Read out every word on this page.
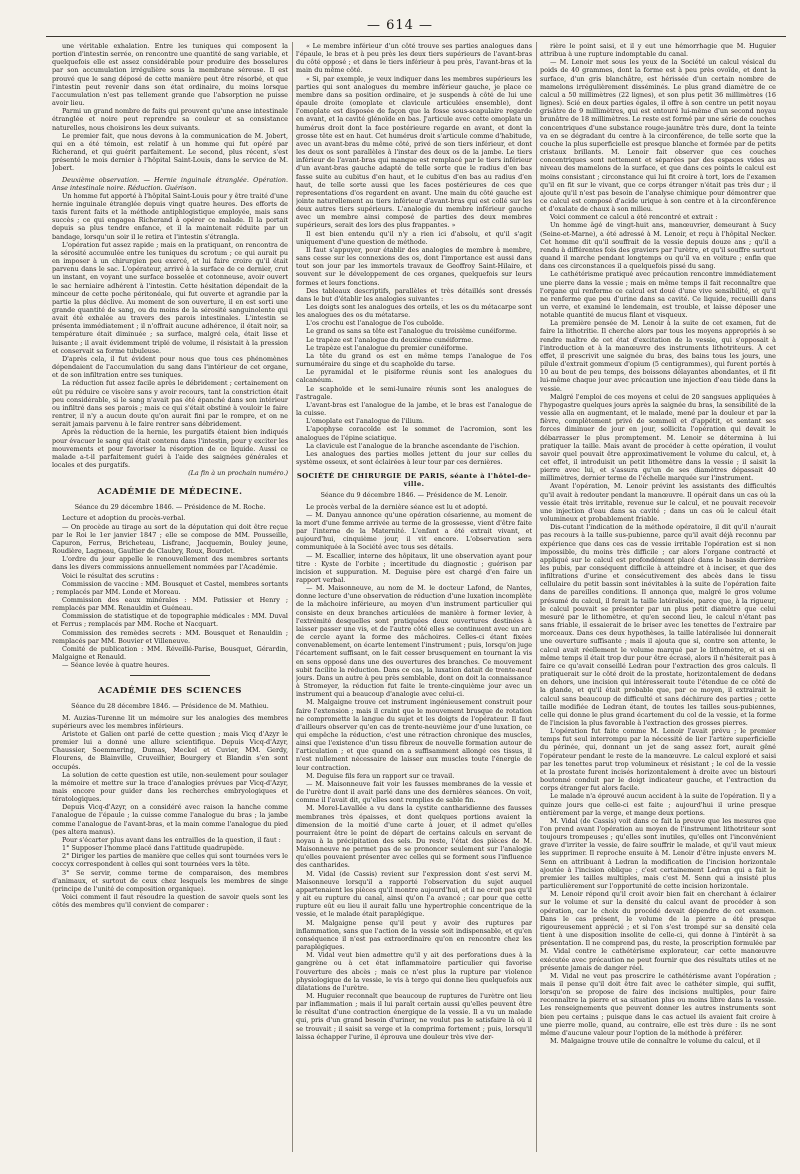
— 614 —

une véritable exhalation. Entre les tuniques qui composent la portion d'intestin serrée, on rencontre une quantité de sang variable, et quelquefois elle est assez considérable pour produire des bosselures par son accumulation irrégulière sous la membrane séreuse. Il est prouvé que le sang déposé de cette manière peut être résorbé, et que l'intestin peut revenir dans son état ordinaire, du moins lorsque l'accumulation n'est pas tellement grande que l'absorption ne puisse avoir lieu.

Parmi un grand nombre de faits qui prouvent qu'une anse intestinale étranglée et noire peut reprendre sa couleur et sa consistance naturelles, nous choisirons les deux suivants.

Le premier fait, que nous devons à la communication de M. Jobert, qui en a été témoin, est relatif à un homme qui fut opéré par Richerand, et qui guérit parfaitement. Le second, plus récent, s'est présenté le mois dernier à l'hôpital Saint-Louis, dans le service de M. Jobert.

Deuxième observation. — Hernie inguinale étranglée. Opération. Anse intestinale noire. Réduction. Guérison.

Un homme fut apporté à l'hôpital Saint-Louis pour y être traité d'une hernie inguinale étranglée depuis vingt quatre heures. Des efforts de taxis furent faits et la méthode antiphlogistique employée, mais sans succès ; ce qui engagea Richerand à opérer ce malade. Il la portait depuis sa plus tendre enfance, et il la maintenait réduite par un bandage, lorsqu'un soir il le retira et l'intestin s'étrangla.

L'opération fut assez rapide ; mais en la pratiquant, on rencontra de la sérosité accumulée entre les tuniques du scrotum ; ce qui aurait pu en imposer à un chirurgien peu exercé, et lui faire croire qu'il était parvenu dans le sac. L'opérateur, arrivé à la surface de ce dernier, crut un instant, en voyant une surface bosselée et cotonneuse, avoir ouvert le sac herniaire adhérent à l'intestin. Cette hésitation dépendait de la minceur de cette poche péritonéale, qui fut ouverte et agrandie par la partie la plus déclive. Au moment de son ouverture, il en est sorti une grande quantité de sang, ou du moins de la sérosité sanguinolente qui avait été exhalée au travers des parois intestinales. L'intestin se présenta immédiatement ; il n'offrait aucune adhérence, il était noir, sa température était diminuée ; sa surface, malgré cela, était lisse et luisante ; il avait évidemment triplé de volume, il résistait à la pression et conservait sa forme tubuleuse.

D'après cela, il fut évident pour nous que tous ces phénomènes dépendaient de l'accumulation du sang dans l'intérieur de cet organe, et de son infiltration entre ses tuniques.

La réduction fut assez facile après le débridement ; certainement on eût pu réduire ce viscère sans y avoir recours, tant la constriction était peu considérable, si le sang n'avait pas été épanché dans son intérieur ou infiltré dans ses parois ; mais ce qui s'était obstiné à vouloir le faire rentrer, il n'y a aucun doute qu'on aurait fini par le rompre, et on ne serait jamais parvenu à le faire rentrer sans débridement.

Après la réduction de la hernie, les purgatifs étaient bien indiqués pour évacuer le sang qui était contenu dans l'intestin, pour y exciter les mouvements et pour favoriser la résorption de ce liquide. Aussi ce malade a-t-il parfaitement guéri à l'aide des saignées générales et locales et des purgatifs.

(La fin à un prochain numéro.)
ACADÉMIE DE MÉDECINE.
Séance du 29 décembre 1846. — Présidence de M. Roche.

Lecture et adoption du procès-verbal.

— On procède au tirage au sort de la députation qui doit être reçue par le Roi le 1er janvier 1847 ; elle se compose de MM. Pousseille, Capuron, Ferrus, Bricheteau, Lisfranc, Jacquemin, Bouley jeune, Roudière, Lagneau, Gaultier de Claubry, Roux, Bourdet.

L'ordre du jour appelle le renouvellement des membres sortants dans les divers commissions annuellement nommées par l'Académie.

Voici le résultat des scrutins :

Commission de vaccine : MM. Bousquet et Castel, membres sortants ; remplacés par MM. Londe et Moreau.

Commission des eaux minérales : MM. Patissier et Henry ; remplacés par MM. Renauldin et Guéneau.

Commission de statistique et de topographie médicales : MM. Duval et Ferrus ; remplacés par MM. Roche et Nacquart.

Commission des remèdes secrets : MM. Bousquet et Renauldin ; remplacés par MM. Bouvier et Villeneuve.

Comité de publication : MM. Réveillé-Parise, Bousquet, Gérardin, Malgaigne et Renauld.

— Séance levée à quatre heures.

ACADÉMIE DES SCIENCES
Séance du 28 décembre 1846. — Présidence de M. Mathieu.

M. Auzias-Turenne lit un mémoire sur les analogies des membres supérieurs avec les membres inférieurs.

Aristote et Galien ont parlé de cette question ; mais Vicq d'Azyr le premier lui a donné une allure scientifique. Depuis Vicq-d'Azyr, Chaussier, Soemmering, Dumas, Meckel et Cuvier, MM. Gerdy, Flourens, de Blainville, Cruveilhier, Bourgery et Blandin s'en sont occupés.

La solution de cette question est utile, non-seulement pour soulager la mémoire et mettre sur la trace d'analogies prévues par Vicq-d'Azyr, mais encore pour guider dans les recherches embryologiques et tératologiques.

Depuis Vicq-d'Azyr, on a considéré avec raison la hanche comme l'analogue de l'épaule ; la cuisse comme l'analogue du bras ; la jambe comme l'analogue de l'avant-bras, et la main comme l'analogue du pied (pes altera manus).

Pour s'écarter plus avant dans les entrailles de la question, il faut :

1° Supposer l'homme placé dans l'attitude quadrupède.

2° Diriger les parties de manière que celles qui sont tournées vers le coccyx correspondent à celles qui sont tournées vers la tête.

3° Se servir, comme terme de comparaison, des membres d'animaux, et surtout de ceux chez lesquels les membres de singe (principe de l'unité de composition organique).

Voici comment il faut résoudre la question de savoir quels sont les côtés des membres qu'il convient de comparer :

« Le membre inférieur d'un côté trouve ses parties analogues dans l'épaule, le bras et à peu près les deux tiers supérieurs de l'avant-bras du côté opposé ; et dans le tiers inférieur à peu près, l'avant-bras et la main du même côté.

« Si, par exemple, je veux indiquer dans les membres supérieurs les parties qui sont analogues du membre inférieur gauche, je place ce membre dans sa position ordinaire, et je suspends à côté de lui une épaule droite (omoplate et clavicule articulées ensemble), dont l'omoplate est disposée de façon que la fosse sous-scapulaire regarde en avant, et la cavité glénoïde en bas. J'articule avec cette omoplate un humérus droit dont la face postérieure regarde en avant, et dont la grosse tête est en haut. Cet humérus droit s'articule comme d'habitude, avec un avant-bras du même côté, privé de son tiers inférieur, et dont les deux os sont parallèles à l'instar des deux os de la jambe. Le tiers inférieur de l'avant-bras qui manque est remplacé par le tiers inférieur d'un avant-bras gauche adapté de telle sorte que le radius d'en bas fasse suite au cubitus d'en haut, et le cubitus d'en bas au radius d'en haut, de telle sorte aussi que les faces postérieures de ces que representations d'os regardent en avant. Une main du côté gauche est jointe naturellement au tiers inférieur d'avant-bras qui est collé sur les deux autres tiers supérieurs. L'analogie du membre inférieur gauche avec un membre ainsi composé de parties des deux membres supérieurs, serait des lors des plus frappantes. »

Il est bien entendu qu'il n'y a rien ici d'absolu, et qu'il s'agit uniquement d'une question de méthode.

Il faut s'appuyer, pour établir des analogies de membre à membre, sans cesse sur les connexions des os, dont l'importance est aussi dans tout son jour par les immortels travaux de Geoffroy Saint-Hilaire, et souvent sur le développement de ces organes, quelquefois sur leurs formes et leurs fonctions.

Des tableaux descriptifs, parallèles et très détaillés sont dressés dans le but d'établir les analogies suivantes :

Les doigts sont les analogues des orteils, et les os du métacarpe sont les analogues des os du métatarse.

L'os crochu est l'analogue de l'os cuboïde.

Le grand os sans sa tête est l'analogue du troisième cunéiforme.

Le trapèze est l'analogue du deuxième cunéiforme.

Le trapèze est l'analogue du premier cunéiforme.

La tête du grand os est en même temps l'analogue de l'os surnuméraire du singe et du scaphoïde du tarse.

Le pyramidal et le pisiforme réunis sont les analogues du calcanéum.

Le scaphoïde et le semi-lunaire réunis sont les analogues de l'astragale.

L'avant-bras est l'analogue de la jambe, et le bras est l'analogue de la cuisse.

L'omoplate est l'analogue de l'ilium.

L'apophyse coracoïde est le sommet de l'acromion, sont les analogues de l'épine sciatique.

La clavicule est l'analogue de la branche ascendante de l'ischion.

Les analogues des parties molles jettent du jour sur celles du système osseux, et sont éclairées à leur tour par ces dernières.

SOCIÉTÉ DE CHIRURGIE DE PARIS, séante à l'hôtel-de-ville.
Séance du 9 décembre 1846. — Présidence de M. Lenoir.

Le procès verbal de la dernière séance est lu et adopté.

— M. Danyau annonce qu'une opération césarienne, au moment de la mort d'une femme arrivée au terme de la grossesse, vient d'être faite par l'interne de la Maternité. L'enfant a été extrait vivant, et aujourd'hui, cinquième jour, il vit encore. L'observation sera communiquée à la Société avec tous ses détails.

— M. Escallier, interne des hôpitaux, lit une observation ayant pour titre : Kyste de l'orbite ; incertitude du diagnostic ; guérison par incision et suppuration. M. Deguise père est chargé d'en faire un rapport verbal.

— M. Maisonneuve, au nom de M. le docteur Lafond, de Nantes, donne lecture d'une observation de réduction d'une luxation incomplète de la mâchoire inférieure, au moyen d'un instrument particulier qui consiste en deux branches articulées de manière à former levier, à l'extrémité desquelles sont pratiquées deux ouvertures destinées à laisser passer une vis, et de l'autre côté elles se continuent avec un arc de cercle ayant la forme des mâchoires. Celles-ci étant fixées convenablement, on écarte lentement l'instrument ; puis, lorsqu'on juge l'écartement suffisant, on le fait cesser brusquement en tournant la vis en sens opposé dans une des ouvertures des branches. Ce mouvement subit facilite la réduction. Dans ce cas, la luxation datait de trente-neuf jours. Dans un autre à peu près semblable, dont on doit la connaissance à Stromeyer, la réduction fut faite le trente-cinquième jour avec un instrument qui a beaucoup d'analogie avec celui-ci.

M. Malgaigne trouve cet instrument ingénieusement construit pour faire l'extension ; mais il craint que le mouvement brusque de rotation ne compromette la langue du sujet et les doigts de l'opérateur. Il faut d'ailleurs observer qu'en cas de trente-neuvième jour d'une luxation, ce qui empêche la réduction, c'est une rétraction chronique des muscles, ainsi que l'existence d'un tissu fibreux de nouvelle formation autour de l'articulation ; et que quand on a suffisamment allongé ces tissus, il n'est nullement nécessaire de laisser aux muscles toute l'énergie de leur contraction.

M. Deguise fils fera un rapport sur ce travail.

— M. Maisonneuve fait voir les fausses membranes de la vessie et de l'urètre dont il avait parlé dans une des dernières séances. On voit, comme il l'avait dit, qu'elles sont remplies de sable fin.

M. Morel-Lavallée a vu dans la cystite cantharidienne des fausses membranes très épaisses, et dont quelques portions avaient la dimension de la moitié d'une carte à jouer, et il admet qu'elles pourraient être le point de départ de certains calculs en servant de noyau à la précipitation des sels. Du reste, l'état des pièces de M. Maisonneuve ne permet pas de se prononcer seulement sur l'analogie qu'elles pouvaient présenter avec celles qui se forment sous l'influence des cantharides.

M. Vidal (de Cassis) revient sur l'expression dont s'est servi M. Maisonneuve lorsqu'il a rapporté l'observation du sujet auquel appartenaient les pièces qu'il montre aujourd'hui, et il ne croit pas qu'il y ait eu rupture du canal, ainsi qu'on l'a avancé ; car pour que cette rupture eût eu lieu il aurait fallu une hypertrophie concentrique de la vessie, et le malade était paraplégique.

M. Malgaigne pense qu'il peut y avoir des ruptures par inflammation, sans que l'action de la vessie soit indispensable, et qu'en conséquence il n'est pas extraordinaire qu'on en rencontre chez les paraplégiques.

M. Vidal veut bien admettre qu'il y ait des perforations dues à la gangrène ou à cet état inflammatoire particulier qui favorise l'ouverture des abcès ; mais ce n'est plus la rupture par violence physiologique de la vessie, le vis à tergo qui donne lieu quelquefois aux dilatations de l'urètre.

M. Huguier reconnaît que beaucoup de ruptures de l'urètre ont lieu par inflammation ; mais il lui paraît certain aussi qu'elles peuvent être le résultat d'une contraction énergique de la vessie. Il a vu un malade qui, pris d'un grand besoin d'uriner, ne voulut pas le satisfaire là où il se trouvait ; il saisit sa verge et la comprima fortement ; puis, lorsqu'il laissa échapper l'urine, il éprouva une douleur très vive der-

rière le point saisi, et il y eut une hémorrhagie que M. Huguier attribua à une rupture indomptable du canal.

— M. Lenoir met sous les yeux de la Société un calcul vésical du poids de 40 grammes, dont la forme est à peu près ovoïde, et dont la surface, d'un gris blanchâtre, est hérissée d'un certain nombre de mamelons irrégulièrement disséminés. Le plus grand diamètre de ce calcul a 50 millimètres (22 lignes), et son plus petit 36 millimètres (16 lignes). Scié en deux parties égales, il offre à son centre un petit noyau grisâtre de 9 millimètres, qui est entouré lui-même d'un second noyau brunâtre de 18 millimètres. Le reste est formé par une série de couches concentriques d'une substance rouge-jaunâtre très dure, dont la teinte va en se dégradant du centre à la circonférence, de telle sorte que la couche la plus superficielle est presque blanche et formée par de petits cristaux brillants. M. Lenoir fait observer que ces couches concentriques sont nettement et séparées par des espaces vides au niveau des mamelons de la surface, et que dans ces points le calcul est moins consistant ; circonstance qui lui fit croire à tort, lors de l'examen qu'il en fit sur le vivant, que ce corps étranger n'était pas très dur ; il ajoute qu'il n'est pas besoin de l'analyse chimique pour démontrer que ce calcul est composé d'acide urique à son centre et à la circonférence et d'oxalate de chaux à son milieu.

Voici comment ce calcul a été rencontré et extrait :

Un homme âgé de vingt-huit ans, manœuvrier, demeurant à Sucy (Seine-et-Marne), a été adressé à M. Lenoir, et reçu à l'hôpital Necker. Cet homme dit qu'il souffrait de la vessie depuis douze ans ; qu'il a rendu à différentes fois des graviers par l'urètre, et qu'il souffre surtout quand il marche pendant longtemps ou qu'il va en voiture ; enfin que dans ces circonstances il a quelquefois pissé du sang.

Le cathétérisme pratiqué avec précaution rencontre immédiatement une pierre dans la vessie ; mais en même temps il fait reconnaître que l'organe qui renferme ce calcul est doué d'une vive sensibilité, et qu'il ne renferme que peu d'urine dans sa cavité. Ce liquide, recueilli dans un verre, et examiné le lendemain, est trouble, et laisse déposer une notable quantité de mucus filant et visqueux.

La première pensée de M. Lenoir à la suite de cet examen, fut de faire la lithotritie. Il cherche alors par tous les moyens appropriés à se rendre maître de cet état d'excitation de la vessie, qui s'opposait à l'introduction et à la manœuvre des instruments lithotriteurs. À cet effet, il prescrivit une saignée du bras, des bains tous les jours, une pilule d'extrait gommeux d'opium (5 centigrammes), qui furent portés à 10 au bout de peu temps, des boissons délayantes abondantes, et il fit lui-même chaque jour avec précaution une injection d'eau tiède dans la vessie.

Malgré l'emploi de ces moyens et celui de 20 sangsues appliquées à l'hypogastre quelques jours après la saignée du bras, la sensibilité de la vessie alla en augmentant, et le malade, mené par la douleur et par la fièvre, complètement privé de sommeil et d'appétit, et sentant ses forces diminuer de jour en jour, sollicita l'opération qui devait le débarrasser le plus promptement. M. Lenoir se détermina à lui pratiquer la taille. Mais avant de procéder à cette opération, il voulut savoir quel pouvait être approximativement le volume du calcul, et, à cet effet, il introduisit un petit lithomètre dans la vessie ; il saisit la pierre avec lui, et s'assura qu'un de ses diamètres dépassait 40 millimètres, dernier terme de l'échelle marquée sur l'instrument.

Avant l'opération, M. Lenoir prévint les assistants des difficultés qu'il avait à redouter pendant la manœuvre. Il opérait dans un cas où la vessie était très irritable, revenue sur le calcul, et ne pouvait recevoir une injection d'eau dans sa cavité ; dans un cas où le calcul était volumineux et probablement friable.

Dis-cutant l'indication de la méthode opératoire, il dit qu'il n'aurait pas recours à la taille sus-pubienne, parce qu'il avait déjà reconnu par expérience que dans ces cas de vessie irritable l'opération est si non impossible, du moins très difficile ; car alors l'organe contracté et appliqué sur le calcul est profondément placé dans le bassin derrière les pubis, par conséquent difficile à atteindre et à inciser, et que des infiltrations d'urine et consécutivement des abcès dans le tissu cellulaire du petit bassin sont inévitables à la suite de l'opération faite dans de pareilles conditions. Il annonça que, malgré le gros volume présumé du calcul, il ferait la taille latéralisée, parce que, à la rigueur, le calcul pouvait se présenter par un plus petit diamètre que celui mesuré par le lithomètre, et qu'en second lieu, le calcul n'étant pas sans friable, il essaierait de le briser avec les tenettes de l'extraire par morceaux. Dans ces deux hypothèses, la taille latéralisée lui donnerait une ouverture suffisante ; mais il ajouta que si, contre son attente, le calcul avait réellement le volume marqué par le lithomètre, et si en même temps il était trop dur pour être écrasé, alors il n'hésiterait pas à faire ce qu'avait conseillé Ledran pour l'extraction des gros calculs. Il pratiquerait sur le côté droit de la prostate, horizontalement de dedans en dehors, une incision qui intéresserait toute l'étendue de ce côté de la glande, et qu'il était probable que, par ce moyen, il extrairait le calcul sans beaucoup de difficulté et sans déchirure des parties ; cette taille modifiée de Ledran étant, de toutes les tailles sous-pubiennes, celle qui donne le plus grand écartement du col de la vessie, et la forme de l'incision la plus favorable à l'extraction des grosses pierres.

L'opération fut faite comme M. Lenoir l'avait prévu ; le premier temps fut seul interrompu par la nécessité de lier l'artère superficielle du périnée, qui, donnant un jet de sang assez fort, aurait gêné l'opérateur pendant le reste de la manœuvre. Le calcul exploré et saisi par les tenettes parut trop volumineux et résistant ; le col de la vessie et la prostate furent incisés horizontalement à droite avec un bistouri boutonné conduit par le doigt indicateur gauche, et l'extraction du corps étranger fut alors facile.

Le malade n'a éprouvé aucun accident à la suite de l'opération. Il y a quinze jours que celle-ci est faite ; aujourd'hui il urine presque entièrement par la verge, et mange deux portions.

M. Vidal (de Cassis) voit dans ce fait la preuve que les mesures que l'on prend avant l'opération au moyen de l'instrument lithotriteur sont toujours trompeuses ; qu'elles sont inutiles, qu'elles ont l'inconvénient grave d'irriter la vessie, de faire souffrir le malade, et qu'il vaut mieux les supprimer. Il reproche ensuite à M. Lenoir d'être injuste envers M. Senn en attribuant à Ledran la modification de l'incision horizontale ajoutée à l'incision oblique ; c'est certainement Ledran qui a fait le premier les tailles multiples, mais c'est M. Senn qui a insisté plus particulièrement sur l'opportunité de cette incision horizontale.

M. Lenoir répond qu'il croit avoir bien fait en cherchant à éclairer sur le volume et sur la densité du calcul avant de procéder à son opération, car le choix du procédé devait dépendre de cet examen. Dans le cas présent, le volume de la pierre a été presque rigoureusement apprécié ; et si l'on s'est trompé sur sa densité cela tient à une disposition insolite de celle-ci, qui donne à l'intérêt à sa présentation. Il ne comprend pas, du reste, la proscription formulée par M. Vidal contre le cathétérisme explorateur, car cette manœuvre exécutée avec précaution ne peut fournir que des résultats utiles et ne présente jamais de danger réel.

M. Vidal ne veut pas proscrire le cathétérisme avant l'opération ; mais il pense qu'il doit être fait avec le cathéter simple, qui suffit, lorsqu'on se propose de faire des incisions multiples, pour faire reconnaître la pierre et sa situation plus ou moins libre dans la vessie. Les renseignements que peuvent donner les autres instruments sont bien peu certains ; puisque dans le cas actuel ils avaient fait croire à une pierre molle, quand, au contraire, elle est très dure : ils ne sont même d'aucune valeur pour l'option de la méthode à préférer.

M. Malgaigne trouve utile de connaître le volume du calcul, et il
